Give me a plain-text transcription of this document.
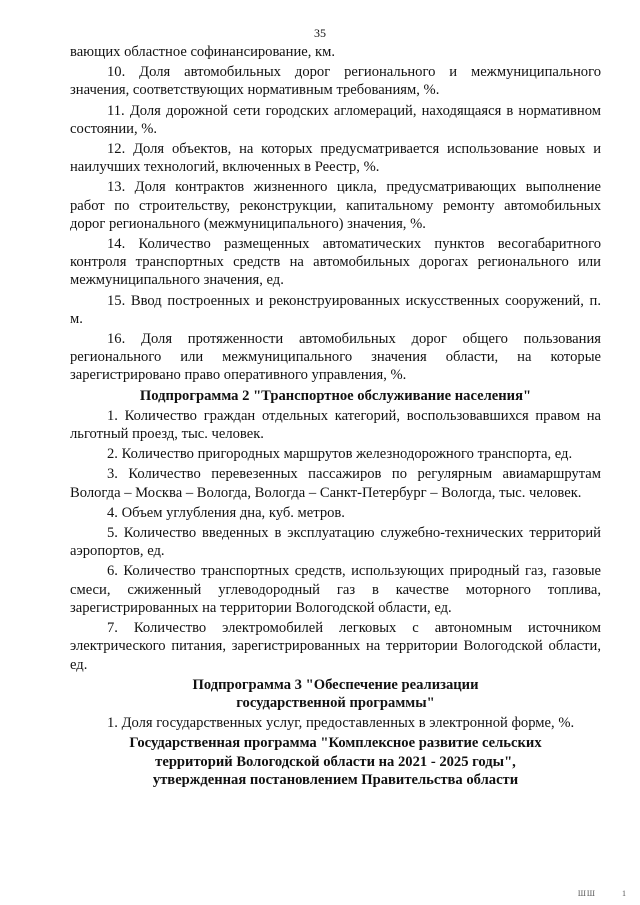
35

вающих областное софинансирование, км.

10. Доля автомобильных дорог регионального и межмуниципального значения, соответствующих нормативным требованиям, %.

11. Доля дорожной сети городских агломераций, находящаяся в нормативном состоянии, %.

12. Доля объектов, на которых предусматривается использование новых и наилучших технологий, включенных в Реестр, %.

13. Доля контрактов жизненного цикла, предусматривающих выполнение работ по строительству, реконструкции, капитальному ремонту автомобильных дорог регионального (межмуниципального) значения, %.

14. Количество размещенных автоматических пунктов весогабаритного контроля транспортных средств на автомобильных дорогах регионального или межмуниципального значения, ед.

15. Ввод построенных и реконструированных искусственных сооружений, п. м.

16. Доля протяженности автомобильных дорог общего пользования регионального или межмуниципального значения области, на которые зарегистрировано право оперативного управления, %.

Подпрограмма 2 "Транспортное обслуживание населения"

1. Количество граждан отдельных категорий, воспользовавшихся правом на льготный проезд, тыс. человек.

2. Количество пригородных маршрутов железнодорожного транспорта, ед.

3. Количество перевезенных пассажиров по регулярным авиамаршрутам Вологда – Москва – Вологда, Вологда – Санкт-Петербург – Вологда, тыс. человек.

4. Объем углубления дна, куб. метров.

5. Количество введенных в эксплуатацию служебно-технических территорий аэропортов, ед.

6. Количество транспортных средств, использующих природный газ, газовые смеси, сжиженный углеводородный газ в качестве моторного топлива, зарегистрированных на территории Вологодской области, ед.

7. Количество электромобилей легковых с автономным источником электрического питания, зарегистрированных на территории Вологодской области, ед.

Подпрограмма 3 "Обеспечение реализации
государственной программы"

1. Доля государственных услуг, предоставленных в электронной форме, %.

Государственная программа "Комплексное развитие сельских
территорий Вологодской области на 2021 - 2025 годы",
утвержденная постановлением Правительства области

ШШ	1
